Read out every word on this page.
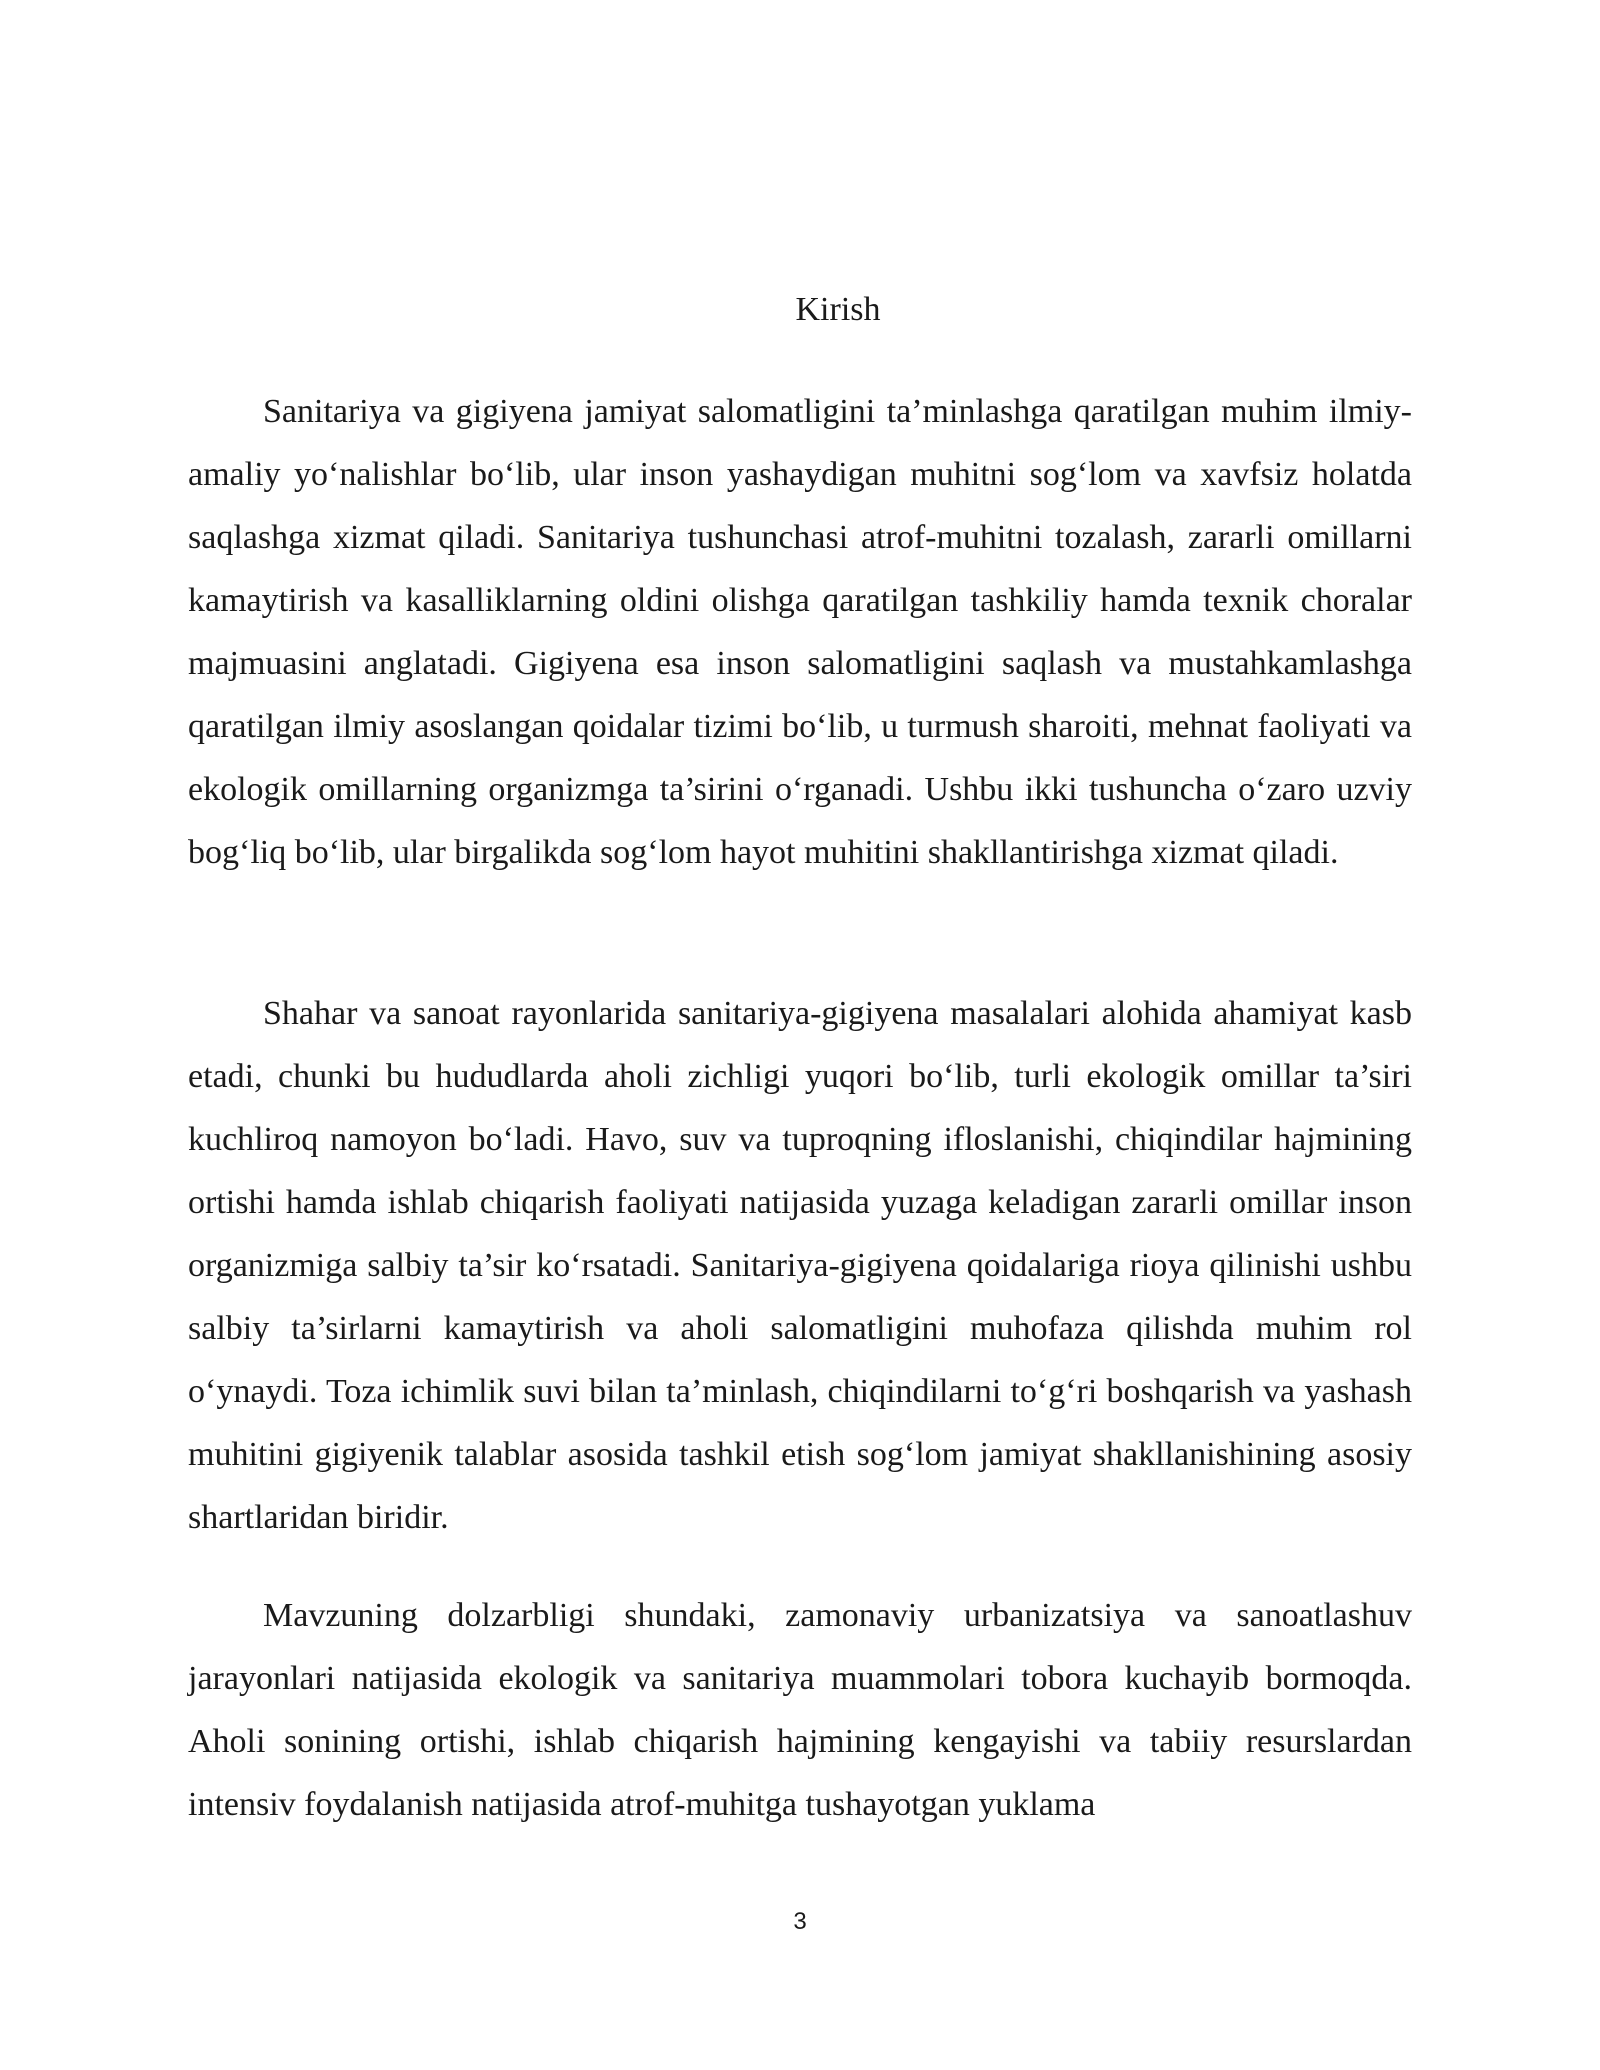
Kirish

Sanitariya va gigiyena jamiyat salomatligini ta’minlashga qaratilgan muhim ilmiy-amaliy yo‘nalishlar bo‘lib, ular inson yashaydigan muhitni sog‘lom va xavfsiz holatda saqlashga xizmat qiladi. Sanitariya tushunchasi atrof-muhitni tozalash, zararli omillarni kamaytirish va kasalliklarning oldini olishga qaratilgan tashkiliy hamda texnik choralar majmuasini anglatadi. Gigiyena esa inson salomatligini saqlash va mustahkamlashga qaratilgan ilmiy asoslangan qoidalar tizimi bo‘lib, u turmush sharoiti, mehnat faoliyati va ekologik omillarning organizmga ta’sirini o‘rganadi. Ushbu ikki tushuncha o‘zaro uzviy bog‘liq bo‘lib, ular birgalikda sog‘lom hayot muhitini shakllantirishga xizmat qiladi.

Shahar va sanoat rayonlarida sanitariya-gigiyena masalalari alohida ahamiyat kasb etadi, chunki bu hududlarda aholi zichligi yuqori bo‘lib, turli ekologik omillar ta’siri kuchliroq namoyon bo‘ladi. Havo, suv va tuproqning ifloslanishi, chiqindilar hajmining ortishi hamda ishlab chiqarish faoliyati natijasida yuzaga keladigan zararli omillar inson organizmiga salbiy ta’sir ko‘rsatadi. Sanitariya-gigiyena qoidalariga rioya qilinishi ushbu salbiy ta’sirlarni kamaytirish va aholi salomatligini muhofaza qilishda muhim rol o‘ynaydi. Toza ichimlik suvi bilan ta’minlash, chiqindilarni to‘g‘ri boshqarish va yashash muhitini gigiyenik talablar asosida tashkil etish sog‘lom jamiyat shakllanishining asosiy shartlaridan biridir.

Mavzuning dolzarbligi shundaki, zamonaviy urbanizatsiya va sanoatlashuv jarayonlari natijasida ekologik va sanitariya muammolari tobora kuchayib bormoqda. Aholi sonining ortishi, ishlab chiqarish hajmining kengayishi va tabiiy resurslardan intensiv foydalanish natijasida atrof-muhitga tushayotgan yuklama

3
